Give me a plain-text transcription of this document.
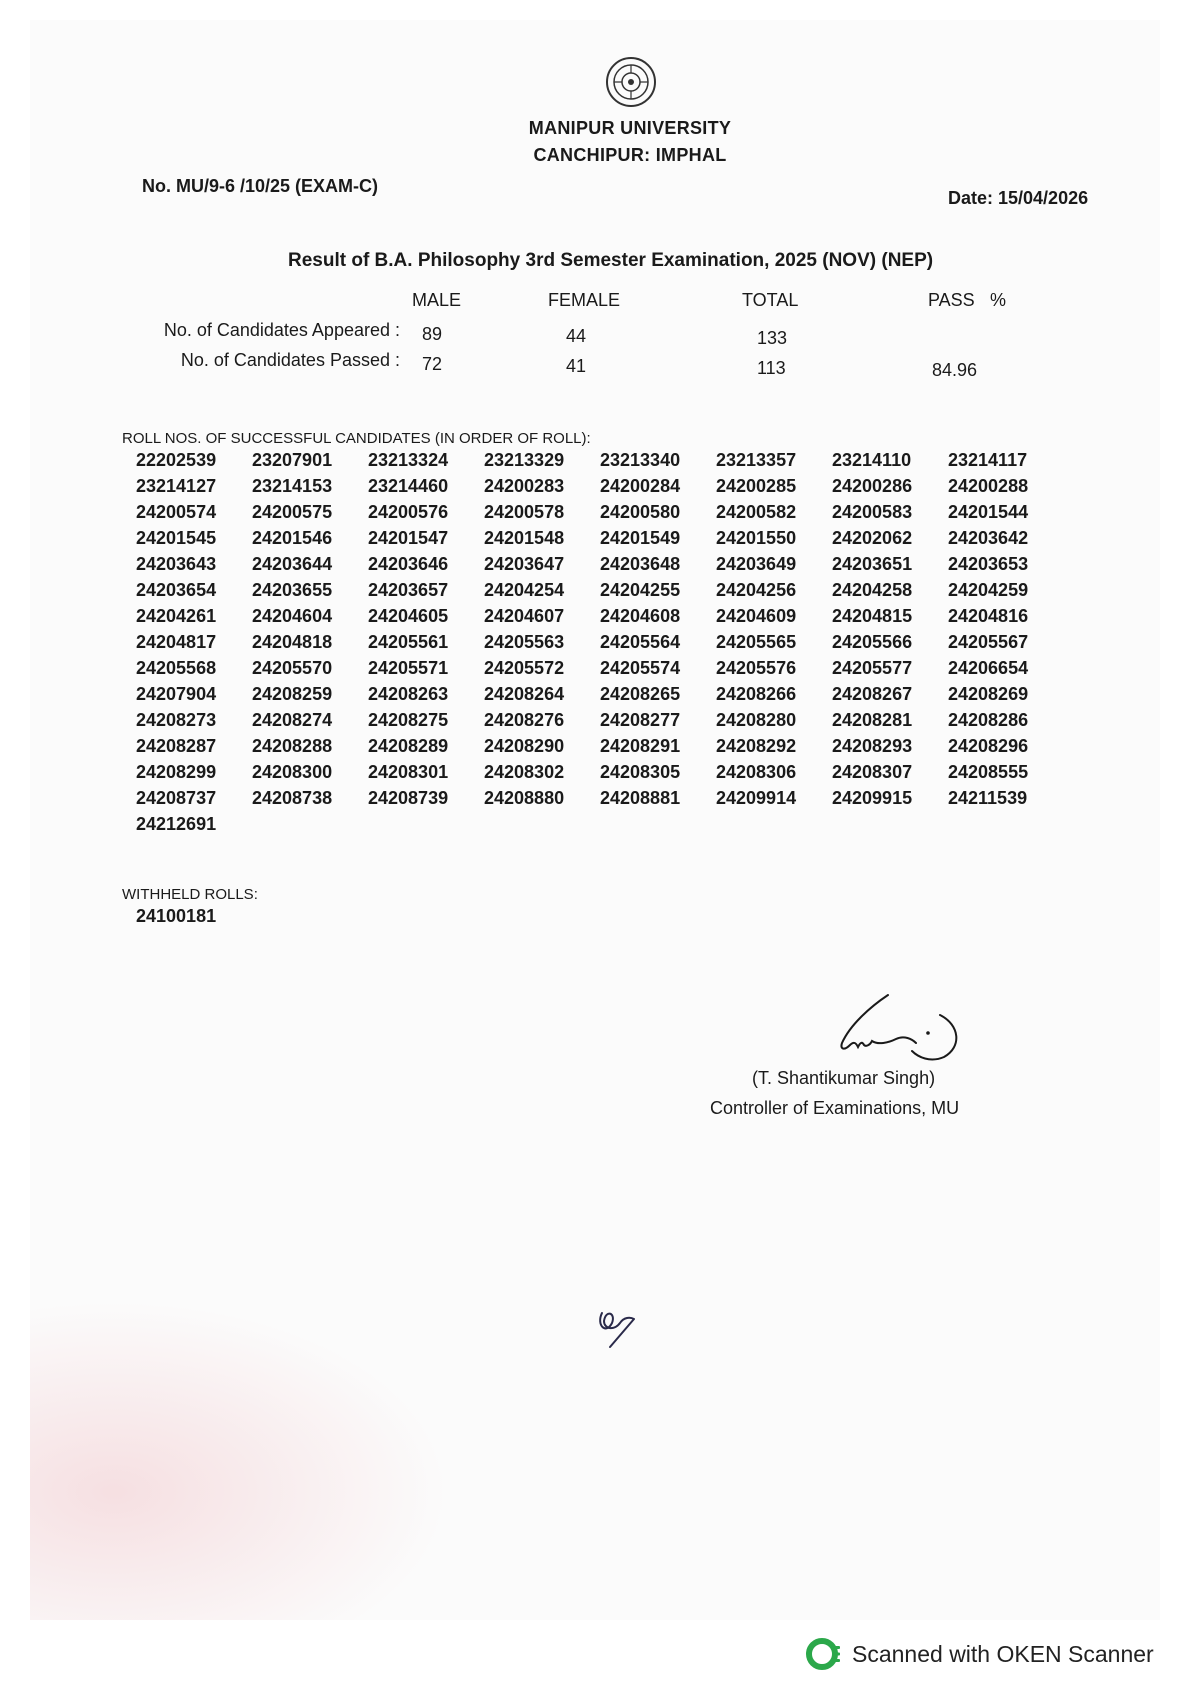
MANIPUR UNIVERSITY
CANCHIPUR: IMPHAL
No. MU/9-6 /10/25 (EXAM-C)
Date: 15/04/2026
Result of B.A. Philosophy 3rd Semester Examination, 2025 (NOV) (NEP)
MALE	FEMALE	TOTAL	PASS %
No. of Candidates Appeared : 89	44	133
No. of Candidates Passed : 72	41	113	84.96
ROLL NOS. OF SUCCESSFUL CANDIDATES (IN ORDER OF ROLL):
22202539	23207901	23213324	23213329	23213340	23213357	23214110	23214117
23214127	23214153	23214460	24200283	24200284	24200285	24200286	24200288
24200574	24200575	24200576	24200578	24200580	24200582	24200583	24201544
24201545	24201546	24201547	24201548	24201549	24201550	24202062	24203642
24203643	24203644	24203646	24203647	24203648	24203649	24203651	24203653
24203654	24203655	24203657	24204254	24204255	24204256	24204258	24204259
24204261	24204604	24204605	24204607	24204608	24204609	24204815	24204816
24204817	24204818	24205561	24205563	24205564	24205565	24205566	24205567
24205568	24205570	24205571	24205572	24205574	24205576	24205577	24206654
24207904	24208259	24208263	24208264	24208265	24208266	24208267	24208269
24208273	24208274	24208275	24208276	24208277	24208280	24208281	24208286
24208287	24208288	24208289	24208290	24208291	24208292	24208293	24208296
24208299	24208300	24208301	24208302	24208305	24208306	24208307	24208555
24208737	24208738	24208739	24208880	24208881	24209914	24209915	24211539
24212691
WITHHELD ROLLS:
24100181
(T. Shantikumar Singh)
Controller of Examinations, MU
Scanned with OKEN Scanner
